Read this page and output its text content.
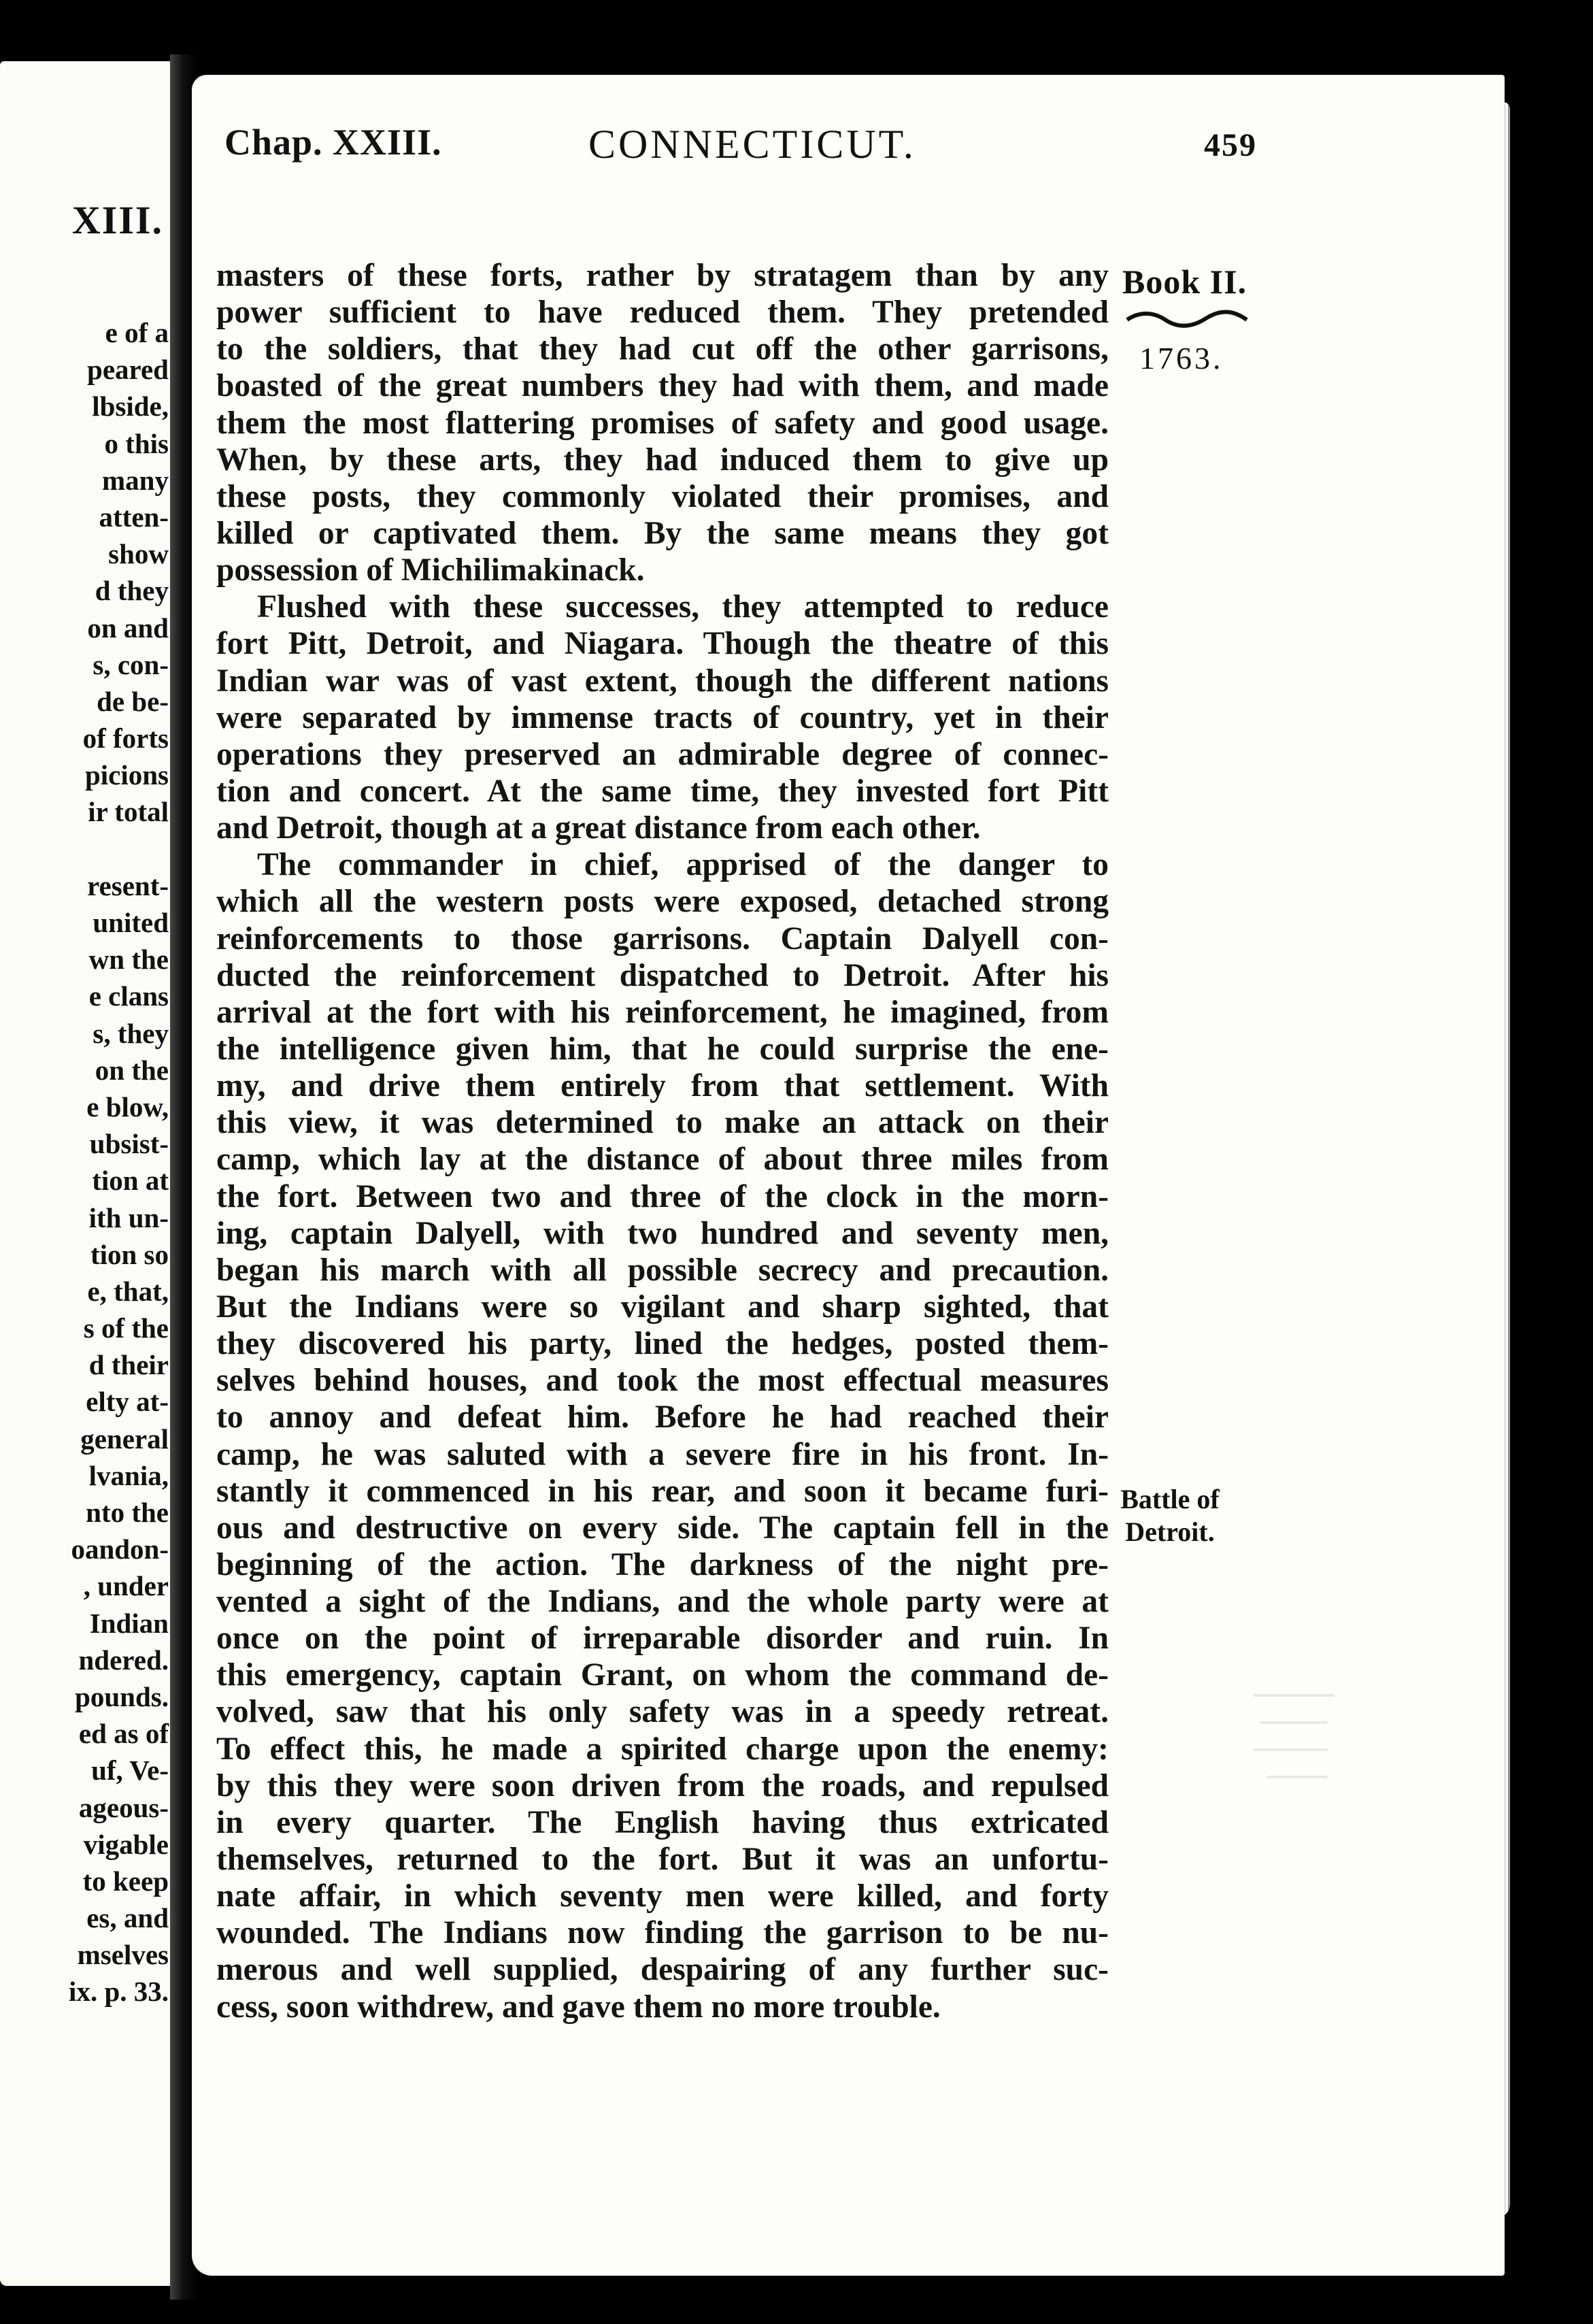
XIII.
e of a
peared
lbside,
o this
many
atten-
show
d they
on and
s, con-
de be-
of forts
picions
ir total
resent-
united
wn the
e clans
s, they
on the
e blow,
ubsist-
tion at
ith un-
tion so
e, that,
s of the
d their
elty at-
general
lvania,
nto the
oandon-
, under
Indian
ndered.
pounds.
ed as of
uf, Ve-
ageous-
vigable
to keep
es, and
mselves
ix. p. 33.
Chap. XXIII.	CONNECTICUT.	459
masters of these forts, rather by stratagem than by any
power sufficient to have reduced them. They pretended
to the soldiers, that they had cut off the other garrisons,
boasted of the great numbers they had with them, and made
them the most flattering promises of safety and good usage.
When, by these arts, they had induced them to give up
these posts, they commonly violated their promises, and
killed or captivated them. By the same means they got
possession of Michilimakinack.
Flushed with these successes, they attempted to reduce
fort Pitt, Detroit, and Niagara. Though the theatre of this
Indian war was of vast extent, though the different nations
were separated by immense tracts of country, yet in their
operations they preserved an admirable degree of connec-
tion and concert. At the same time, they invested fort Pitt
and Detroit, though at a great distance from each other.
The commander in chief, apprised of the danger to
which all the western posts were exposed, detached strong
reinforcements to those garrisons. Captain Dalyell con-
ducted the reinforcement dispatched to Detroit. After his
arrival at the fort with his reinforcement, he imagined, from
the intelligence given him, that he could surprise the ene-
my, and drive them entirely from that settlement. With
this view, it was determined to make an attack on their
camp, which lay at the distance of about three miles from
the fort. Between two and three of the clock in the morn-
ing, captain Dalyell, with two hundred and seventy men,
began his march with all possible secrecy and precaution.
But the Indians were so vigilant and sharp sighted, that
they discovered his party, lined the hedges, posted them-
selves behind houses, and took the most effectual measures
to annoy and defeat him. Before he had reached their
camp, he was saluted with a severe fire in his front. In-
stantly it commenced in his rear, and soon it became furi-
ous and destructive on every side. The captain fell in the
beginning of the action. The darkness of the night pre-
vented a sight of the Indians, and the whole party were at
once on the point of irreparable disorder and ruin. In
this emergency, captain Grant, on whom the command de-
volved, saw that his only safety was in a speedy retreat.
To effect this, he made a spirited charge upon the enemy:
by this they were soon driven from the roads, and repulsed
in every quarter. The English having thus extricated
themselves, returned to the fort. But it was an unfortu-
nate affair, in which seventy men were killed, and forty
wounded. The Indians now finding the garrison to be nu-
merous and well supplied, despairing of any further suc-
cess, soon withdrew, and gave them no more trouble.
Book II.
1763.
Battle of
Detroit.
